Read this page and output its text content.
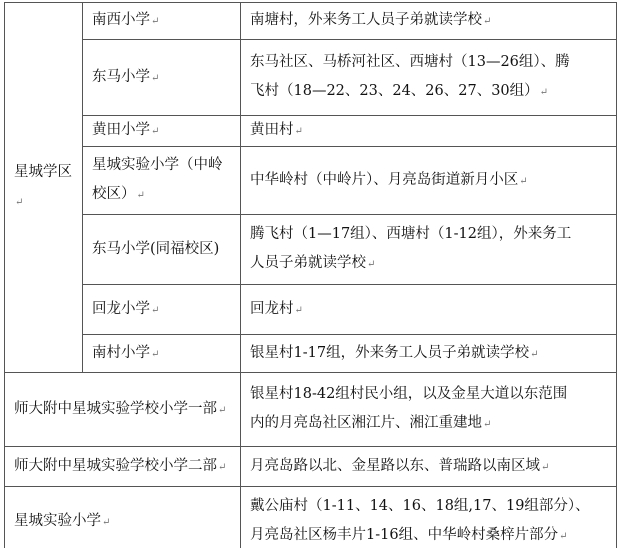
星城学区↵	南西小学↵	南塘村，外来务工人员子弟就读学校↵
	东马小学↵	东马社区、马桥河社区、西塘村（13—26组）、腾
飞村（18—22、23、24、26、27、30组）↵
	黄田小学↵	黄田村↵

	星城实验小学（中岭
校区）↵	中华岭村（中岭片）、月亮岛街道新月小区↵
	东马小学(同福校区)	腾飞村（1—17组）、西塘村（1-12组），外来务工
人员子弟就读学校↵
	回龙小学↵	回龙村↵
	南村小学↵	银星村1-17组，外来务工人员子弟就读学校↵
师大附中星城实验学校小学一部↵		银星村18-42组村民小组，以及金星大道以东范围
内的月亮岛社区湘江片、湘江重建地↵
师大附中星城实验学校小学二部↵		月亮岛路以北、金星路以东、普瑞路以南区域↵
星城实验小学↵		戴公庙村（1-11、14、16、18组,17、19组部分）、
月亮岛社区杨丰片1-16组、中华岭村桑梓片部分↵
